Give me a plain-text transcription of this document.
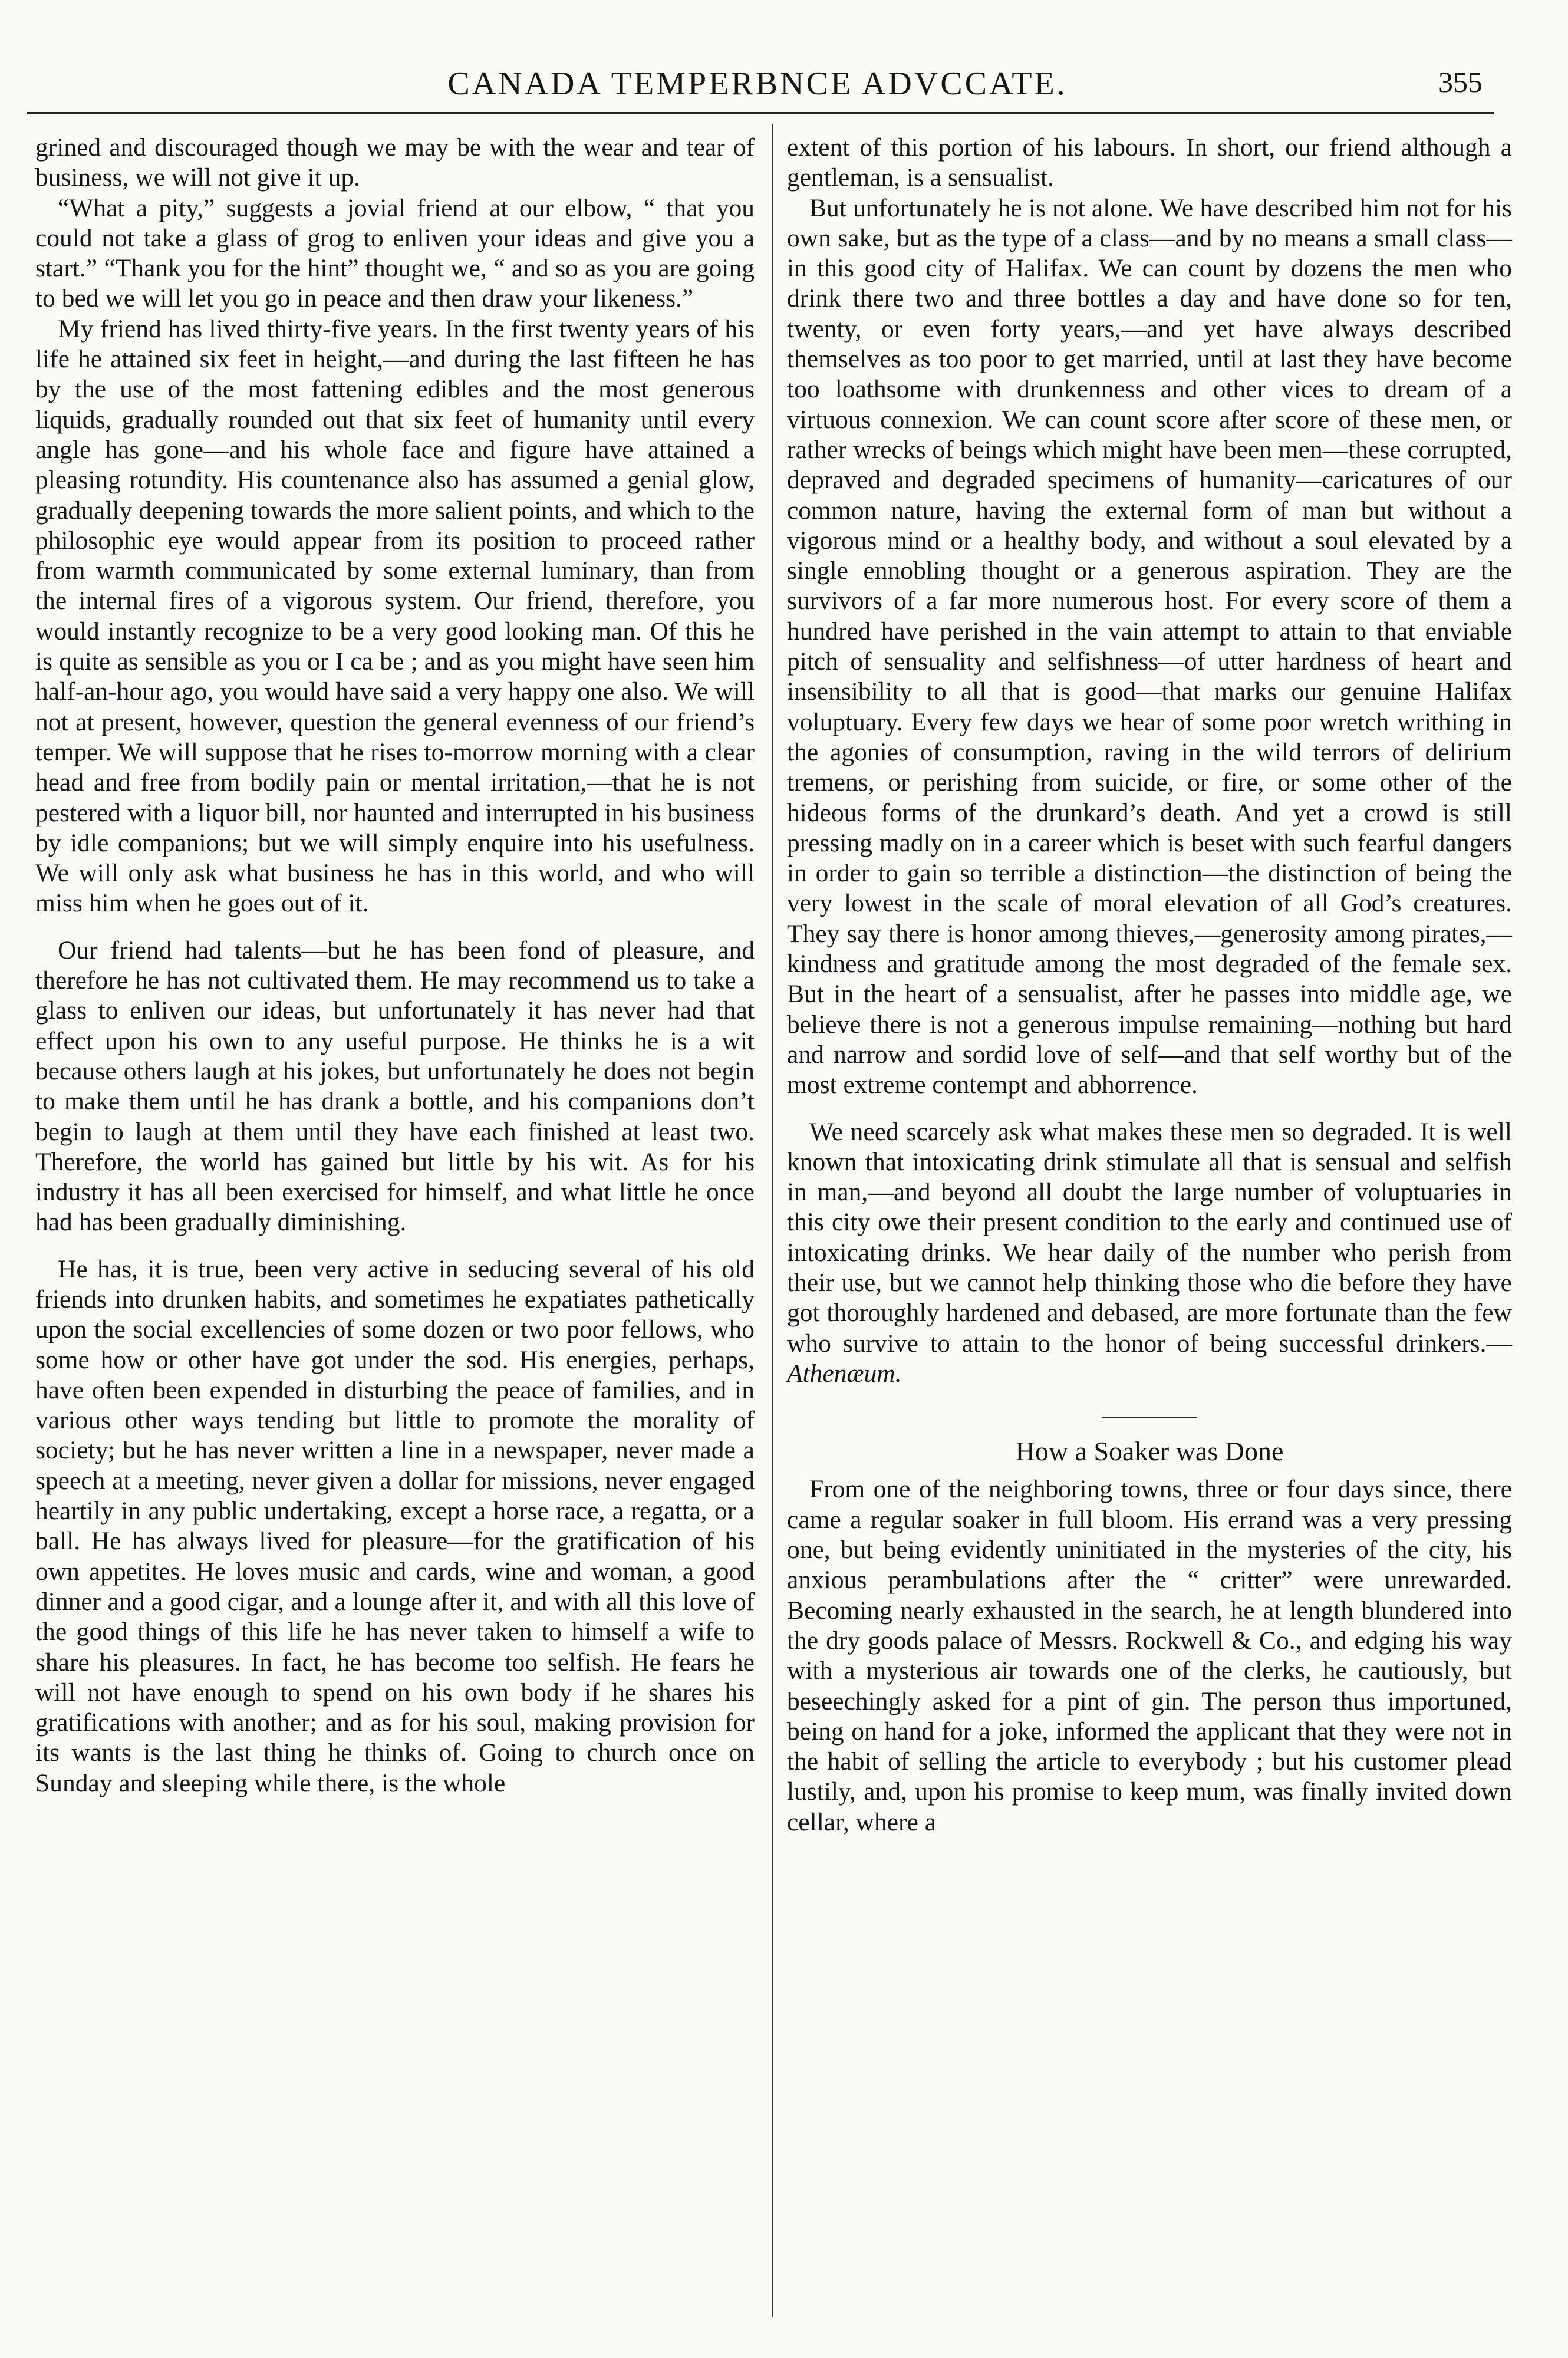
CANADA TEMPERBNCE ADVCCATE.	355

grined and discouraged though we may be with the wear and tear of business, we will not give it up.

“What a pity,” suggests a jovial friend at our elbow, “ that you could not take a glass of grog to enliven your ideas and give you a start.” “Thank you for the hint” thought we, “ and so as you are going to bed we will let you go in peace and then draw your likeness.”

My friend has lived thirty-five years. In the first twenty years of his life he attained six feet in height,—and during the last fifteen he has by the use of the most fattening edibles and the most generous liquids, gradually rounded out that six feet of humanity until every angle has gone—and his whole face and figure have attained a pleasing rotundity. His countenance also has assumed a genial glow, gradually deepening towards the more salient points, and which to the philosophic eye would appear from its position to proceed rather from warmth communicated by some external luminary, than from the internal fires of a vigorous system. Our friend, therefore, you would instantly recognize to be a very good looking man. Of this he is quite as sensible as you or I ca be ; and as you might have seen him half-an-hour ago, you would have said a very happy one also. We will not at present, however, question the general evenness of our friend’s temper. We will suppose that he rises to-morrow morning with a clear head and free from bodily pain or mental irritation,—that he is not pestered with a liquor bill, nor haunted and interrupted in his business by idle companions; but we will simply enquire into his usefulness. We will only ask what business he has in this world, and who will miss him when he goes out of it.

Our friend had talents—but he has been fond of pleasure, and therefore he has not cultivated them. He may recommend us to take a glass to enliven our ideas, but unfortunately it has never had that effect upon his own to any useful purpose. He thinks he is a wit because others laugh at his jokes, but unfortunately he does not begin to make them until he has drank a bottle, and his companions don’t begin to laugh at them until they have each finished at least two. Therefore, the world has gained but little by his wit. As for his industry it has all been exercised for himself, and what little he once had has been gradually diminishing.

He has, it is true, been very active in seducing several of his old friends into drunken habits, and sometimes he expatiates pathetically upon the social excellencies of some dozen or two poor fellows, who some how or other have got under the sod. His energies, perhaps, have often been expended in disturbing the peace of families, and in various other ways tending but little to promote the morality of society; but he has never written a line in a newspaper, never made a speech at a meeting, never given a dollar for missions, never engaged heartily in any public undertaking, except a horse race, a regatta, or a ball. He has always lived for pleasure—for the gratification of his own appetites. He loves music and cards, wine and woman, a good dinner and a good cigar, and a lounge after it, and with all this love of the good things of this life he has never taken to himself a wife to share his pleasures. In fact, he has become too selfish. He fears he will not have enough to spend on his own body if he shares his gratifications with another; and as for his soul, making provision for its wants is the last thing he thinks of. Going to church once on Sunday and sleeping while there, is the whole

extent of this portion of his labours. In short, our friend although a gentleman, is a sensualist.

But unfortunately he is not alone. We have described him not for his own sake, but as the type of a class—and by no means a small class—in this good city of Halifax. We can count by dozens the men who drink there two and three bottles a day and have done so for ten, twenty, or even forty years,—and yet have always described themselves as too poor to get married, until at last they have become too loathsome with drunkenness and other vices to dream of a virtuous connexion. We can count score after score of these men, or rather wrecks of beings which might have been men—these corrupted, depraved and degraded specimens of humanity—caricatures of our common nature, having the external form of man but without a vigorous mind or a healthy body, and without a soul elevated by a single ennobling thought or a generous aspiration. They are the survivors of a far more numerous host. For every score of them a hundred have perished in the vain attempt to attain to that enviable pitch of sensuality and selfishness—of utter hardness of heart and insensibility to all that is good—that marks our genuine Halifax voluptuary. Every few days we hear of some poor wretch writhing in the agonies of consumption, raving in the wild terrors of delirium tremens, or perishing from suicide, or fire, or some other of the hideous forms of the drunkard’s death. And yet a crowd is still pressing madly on in a career which is beset with such fearful dangers in order to gain so terrible a distinction—the distinction of being the very lowest in the scale of moral elevation of all God’s creatures. They say there is honor among thieves,—generosity among pirates,—kindness and gratitude among the most degraded of the female sex. But in the heart of a sensualist, after he passes into middle age, we believe there is not a generous impulse remaining—nothing but hard and narrow and sordid love of self—and that self worthy but of the most extreme contempt and abhorrence.

We need scarcely ask what makes these men so degraded. It is well known that intoxicating drink stimulate all that is sensual and selfish in man,—and beyond all doubt the large number of voluptuaries in this city owe their present condition to the early and continued use of intoxicating drinks. We hear daily of the number who perish from their use, but we cannot help thinking those who die before they have got thoroughly hardened and debased, are more fortunate than the few who survive to attain to the honor of being successful drinkers.—Athenæum.

How a Soaker was Done

From one of the neighboring towns, three or four days since, there came a regular soaker in full bloom. His errand was a very pressing one, but being evidently uninitiated in the mysteries of the city, his anxious perambulations after the “ critter” were unrewarded. Becoming nearly exhausted in the search, he at length blundered into the dry goods palace of Messrs. Rockwell & Co., and edging his way with a mysterious air towards one of the clerks, he cautiously, but beseechingly asked for a pint of gin. The person thus importuned, being on hand for a joke, informed the applicant that they were not in the habit of selling the article to everybody ; but his customer plead lustily, and, upon his promise to keep mum, was finally invited down cellar, where a
